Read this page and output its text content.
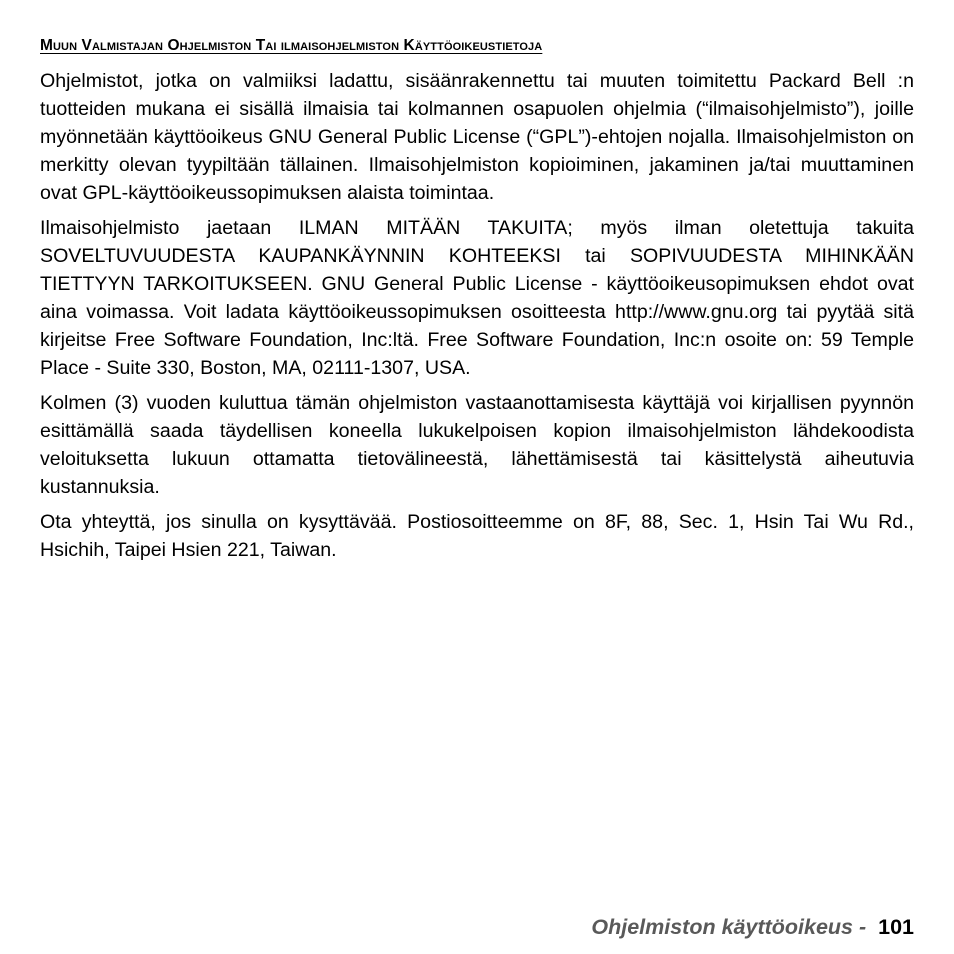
Muun Valmistajan Ohjelmiston Tai ilmaisohjelmiston Käyttöoikeustietoja

Ohjelmistot, jotka on valmiiksi ladattu, sisäänrakennettu tai muuten toimitettu Packard Bell :n tuotteiden mukana ei sisällä ilmaisia tai kolmannen osapuolen ohjelmia (“ilmaisohjelmisto”), joille myönnetään käyttöoikeus GNU General Public License (“GPL”)-ehtojen nojalla. Ilmaisohjelmiston on merkitty olevan tyypiltään tällainen. Ilmaisohjelmiston kopioiminen, jakaminen ja/tai muuttaminen ovat GPL-käyttöoikeussopimuksen alaista toimintaa.

Ilmaisohjelmisto jaetaan ILMAN MITÄÄN TAKUITA; myös ilman oletettuja takuita SOVELTUVUUDESTA KAUPANKÄYNNIN KOHTEEKSI tai SOPIVUUDESTA MIHINKÄÄN TIETTYYN TARKOITUKSEEN. GNU General Public License - käyttöoikeusopimuksen ehdot ovat aina voimassa. Voit ladata käyttöoikeussopimuksen osoitteesta http://www.gnu.org tai pyytää sitä kirjeitse Free Software Foundation, Inc:ltä. Free Software Foundation, Inc:n osoite on: 59 Temple Place - Suite 330, Boston, MA, 02111-1307, USA.

Kolmen (3) vuoden kuluttua tämän ohjelmiston vastaanottamisesta käyttäjä voi kirjallisen pyynnön esittämällä saada täydellisen koneella lukukelpoisen kopion ilmaisohjelmiston lähdekoodista veloituksetta lukuun ottamatta tietovälineestä, lähettämisestä tai käsittelystä aiheutuvia kustannuksia.

Ota yhteyttä, jos sinulla on kysyttävää. Postiosoitteemme on 8F, 88, Sec. 1, Hsin Tai Wu Rd., Hsichih, Taipei Hsien 221, Taiwan.

Ohjelmiston käyttöoikeus - 101
